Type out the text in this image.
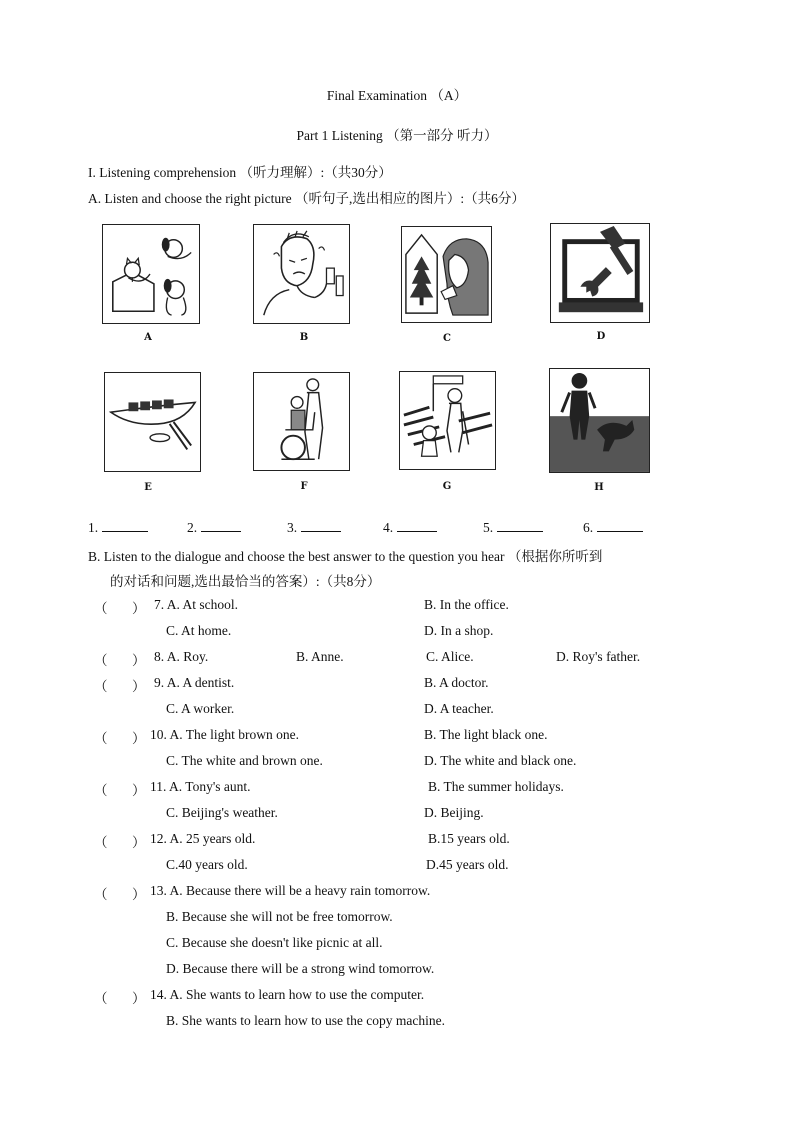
Final Examination （A）
Part 1 Listening （第一部分 听力）
I. Listening comprehension （听力理解）:（共30分）
A. Listen and choose the right picture （听句子,选出相应的图片）:（共6分）
A	B	C	D
E	F	G	H
1.	2.	3.	4.	5.	6.
B. Listen to the dialogue and choose the best answer to the question you hear （根据你所听到
的对话和问题,选出最恰当的答案）:（共8分）
（ ） 7. A. At school.	B. In the office.
C. At home.	D. In a shop.
（ ） 8. A. Roy.	B. Anne.	C. Alice.	D. Roy's father.
（ ） 9. A. A dentist.	B. A doctor.
C. A worker.	D. A teacher.
（ ） 10. A. The light brown one.	B. The light black one.
C. The white and brown one.	D. The white and black one.
（ ） 11. A. Tony's aunt.	B. The summer holidays.
C. Beijing's weather.	D. Beijing.
（ ） 12. A. 25 years old.	B.15 years old.
C.40 years old.	D.45 years old.
（ ） 13. A. Because there will be a heavy rain tomorrow.
B. Because she will not be free tomorrow.
C. Because she doesn't like picnic at all.
D. Because there will be a strong wind tomorrow.
（ ） 14. A. She wants to learn how to use the computer.
B. She wants to learn how to use the copy machine.
